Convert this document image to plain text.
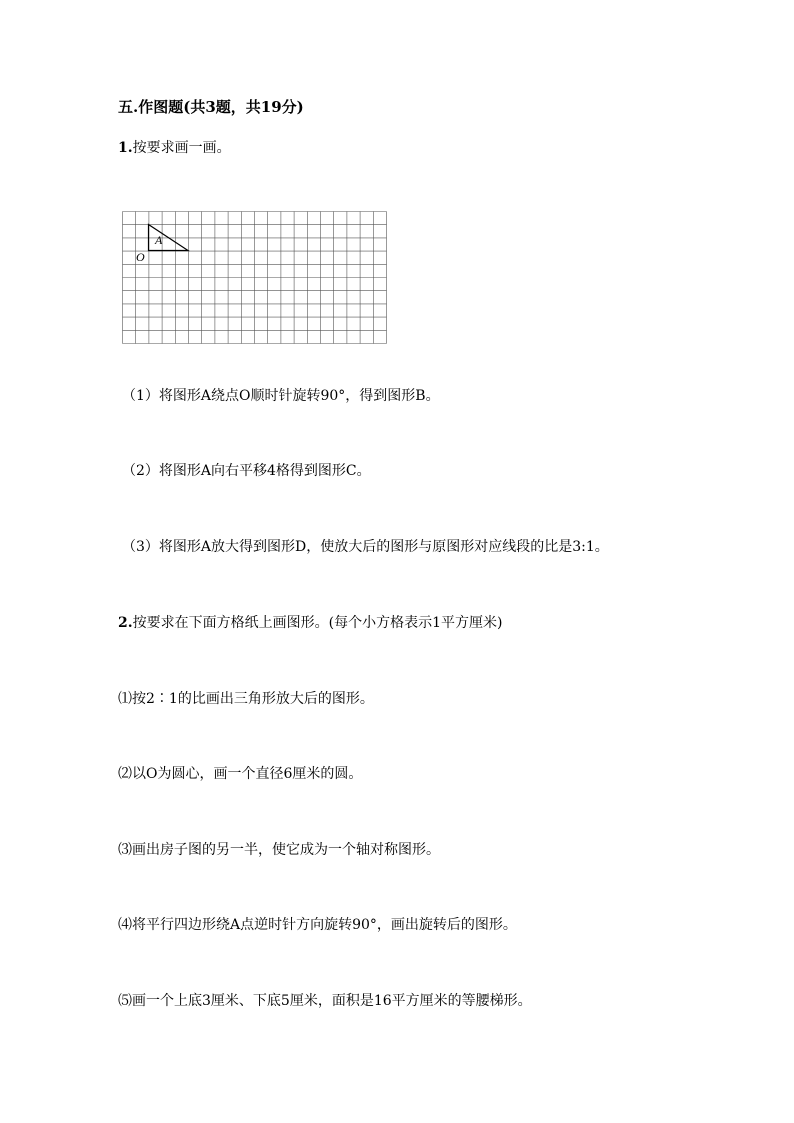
五.作图题(共3题，共19分)
1.按要求画一画。
A
O
（1）将图形A绕点O顺时针旋转90°，得到图形B。
（2）将图形A向右平移4格得到图形C。
（3）将图形A放大得到图形D，使放大后的图形与原图形对应线段的比是3:1。
2.按要求在下面方格纸上画图形。(每个小方格表示1平方厘米)
⑴按2∶1的比画出三角形放大后的图形。
⑵以O为圆心，画一个直径6厘米的圆。
⑶画出房子图的另一半，使它成为一个轴对称图形。
⑷将平行四边形绕A点逆时针方向旋转90°，画出旋转后的图形。
⑸画一个上底3厘米、下底5厘米，面积是16平方厘米的等腰梯形。
